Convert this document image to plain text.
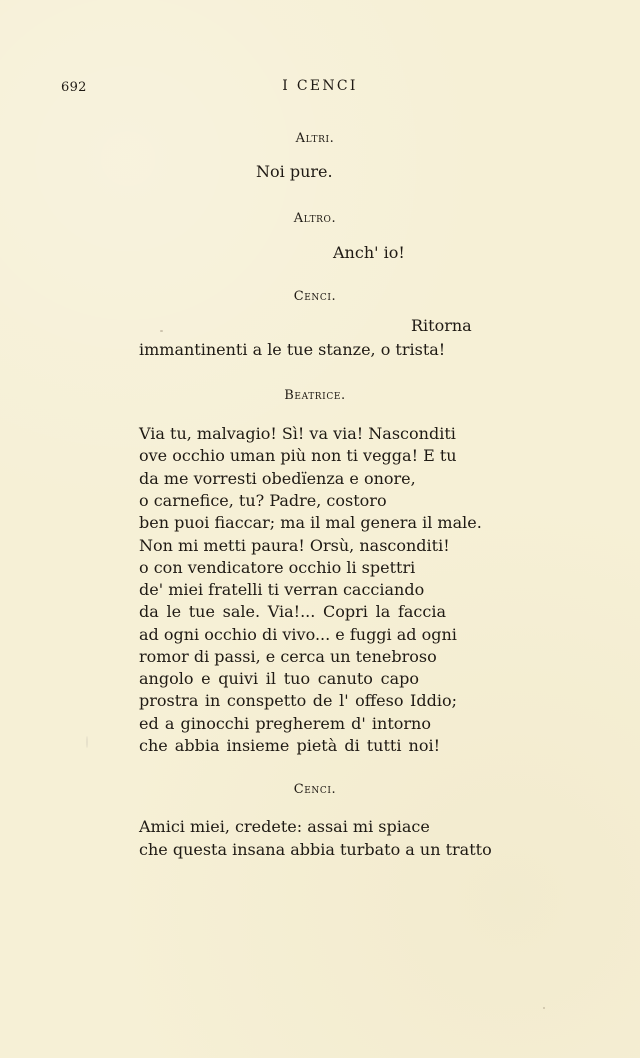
692	I CENCI
Altri.
Noi pure.
Altro.
Anch' io!
Cenci.
Ritorna
immantinenti a le tue stanze, o trista!
Beatrice.
Via tu, malvagio! Sì! va via! Nasconditi
ove occhio uman più non ti vegga! E tu
da me vorresti obedïenza e onore,
o carnefice, tu? Padre, costoro
ben puoi fiaccar; ma il mal genera il male.
Non mi metti paura! Orsù, nasconditi!
o con vendicatore occhio li spettri
de' miei fratelli ti verran cacciando
da le tue sale. Via!... Copri la faccia
ad ogni occhio di vivo... e fuggi ad ogni
romor di passi, e cerca un tenebroso
angolo e quivi il tuo canuto capo
prostra in conspetto de l' offeso Iddio;
ed a ginocchi pregherem d' intorno
che abbia insieme pietà di tutti noi!
Cenci.
Amici miei, credete: assai mi spiace
che questa insana abbia turbato a un tratto
